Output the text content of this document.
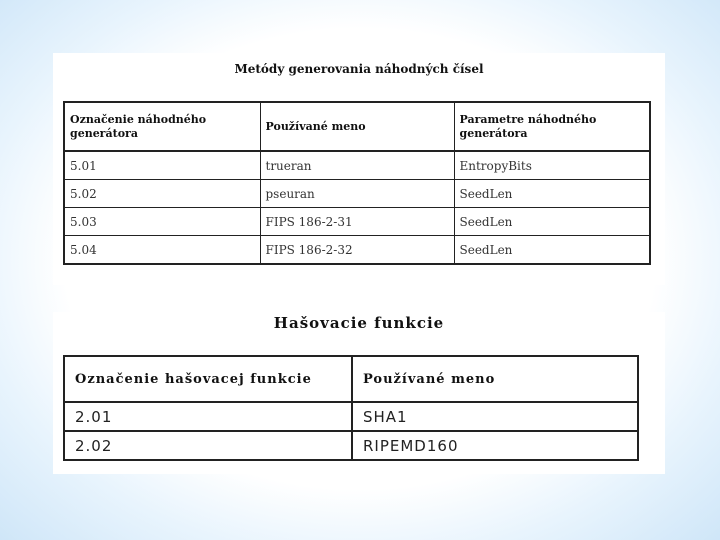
Metódy generovania náhodných čísel
Označenie náhodného generátora	Používané meno	Parametre náhodného generátora
5.01	trueran	EntropyBits
5.02	pseuran	SeedLen
5.03	FIPS 186-2-31	SeedLen
5.04	FIPS 186-2-32	SeedLen
Hašovacie funkcie
Označenie hašovacej funkcie	Používané meno
2.01	SHA1
2.02	RIPEMD160
